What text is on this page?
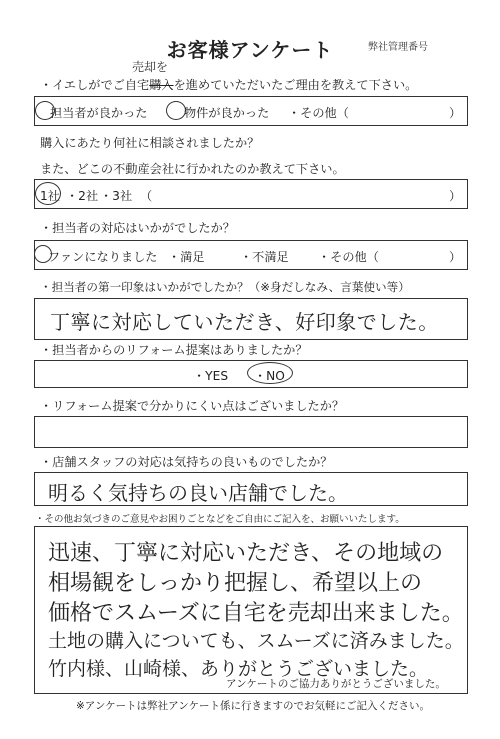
お客様アンケート	弊社管理番号
売却を
・イエしがでご自宅購入を進めていただいたご理由を教えて下さい。
担当者が良かった	物件が良かった ・その他（	）
購入にあたり何社に相談されましたか？
また、どこの不動産会社に行かれたのか教えて下さい。
1社 ・2社 ・3社 （	）
・担当者の対応はいかがでしたか？
ファンになりました ・満足	・不満足 ・その他（	）
・担当者の第一印象はいかがでしたか？（※身だしなみ、言葉使い等）
丁寧に対応していただき、好印象でした。
・担当者からのリフォーム提案はありましたか？
・YES ・NO
・リフォーム提案で分かりにくい点はございましたか？
・店舗スタッフの対応は気持ちの良いものでしたか？
明るく気持ちの良い店舗でした。
・その他お気づきのご意見やお困りごとなどをご自由にご記入を、お願いいたします。
迅速、丁寧に対応いただき、その地域の
相場観をしっかり把握し、希望以上の
価格でスムーズに自宅を売却出来ました。
土地の購入についても、スムーズに済みました。
竹内様、山崎様、ありがとうございました。
アンケートのご協力ありがとうございました。
※アンケートは弊社アンケート係に行きますのでお気軽にご記入ください。
